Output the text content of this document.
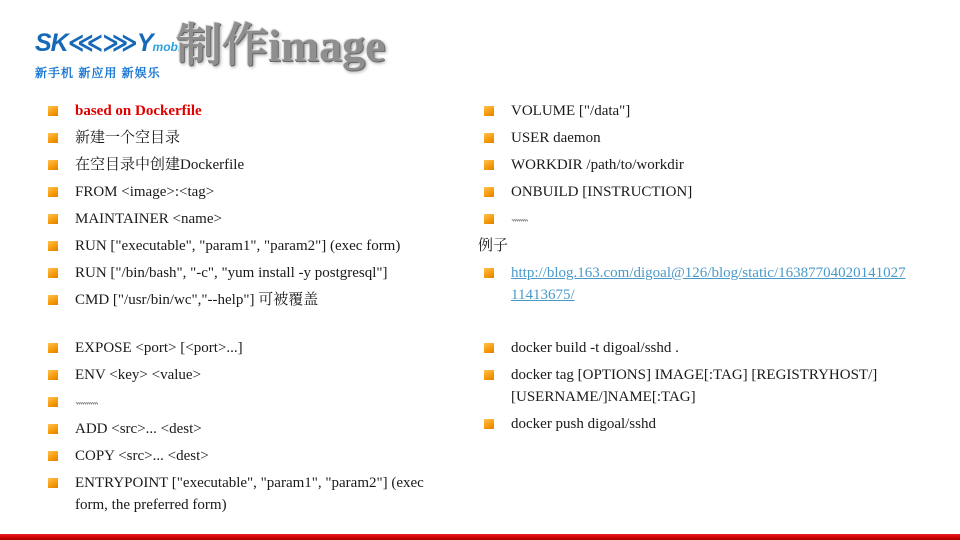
SK⋘⋙Ymobi
新手机 新应用 新娱乐
制作image
based on Dockerfile
新建一个空目录
在空目录中创建Dockerfile
FROM <image>:<tag>
MAINTAINER <name>
RUN ["executable", "param1", "param2"] (exec form)
RUN ["/bin/bash", "-c", "yum install -y postgresql"]
CMD ["/usr/bin/wc","--help"] 可被覆盖
EXPOSE <port> [<port>...]
ENV <key> <value>
、、、、、、、、、、、
ADD <src>... <dest>
COPY <src>... <dest>
ENTRYPOINT ["executable", "param1", "param2"] (exec form, the preferred form)
VOLUME ["/data"]
USER daemon
WORKDIR /path/to/workdir
ONBUILD [INSTRUCTION]
、、、、、、、、
例子
http://blog.163.com/digoal@126/blog/static/1638770402014102711413675/
docker build -t digoal/sshd .
docker tag [OPTIONS] IMAGE[:TAG] [REGISTRYHOST/][USERNAME/]NAME[:TAG]
docker push digoal/sshd
